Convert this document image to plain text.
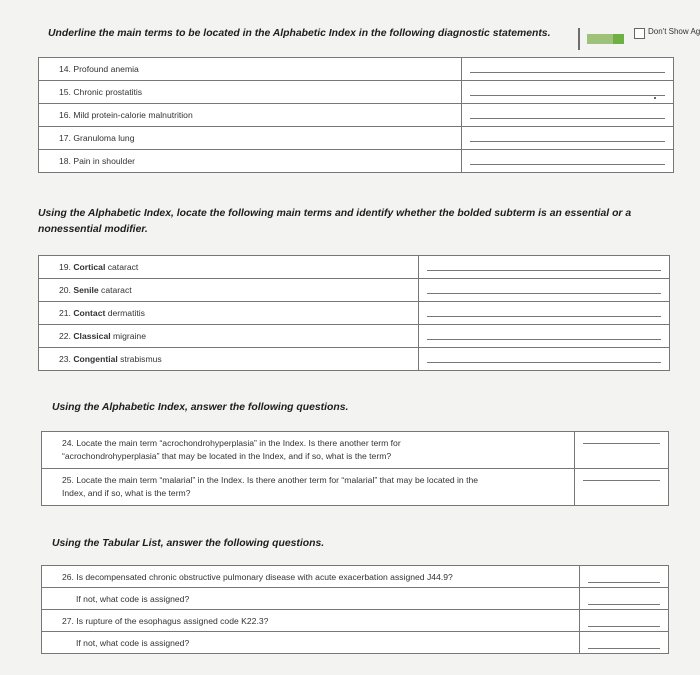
Underline the main terms to be located in the Alphabetic Index in the following diagnostic statements.	Don't Show Ag
14. Profound anemia	

15. Chronic prostatitis	

16. Mild protein-calorie malnutrition	

17. Granuloma lung	

18. Pain in shoulder	
Using the Alphabetic Index, locate the following main terms and identify whether the bolded subterm is an essential or a nonessential modifier.
19. Cortical cataract	

20. Senile cataract	

21. Contact dermatitis	

22. Classical migraine	

23. Congential strabismus	
Using the Alphabetic Index, answer the following questions.
24. Locate the main term “acrochondrohyperplasia” in the Index. Is there another term for
“acrochondrohyperplasia” that may be located in the Index, and if so, what is the term?	

25. Locate the main term “malarial” in the Index. Is there another term for “malarial” that may be located in the
Index, and if so, what is the term?	
Using the Tabular List, answer the following questions.
26. Is decompensated chronic obstructive pulmonary disease with acute exacerbation assigned J44.9?	

If not, what code is assigned?	

27. Is rupture of the esophagus assigned code K22.3?	

If not, what code is assigned?	
